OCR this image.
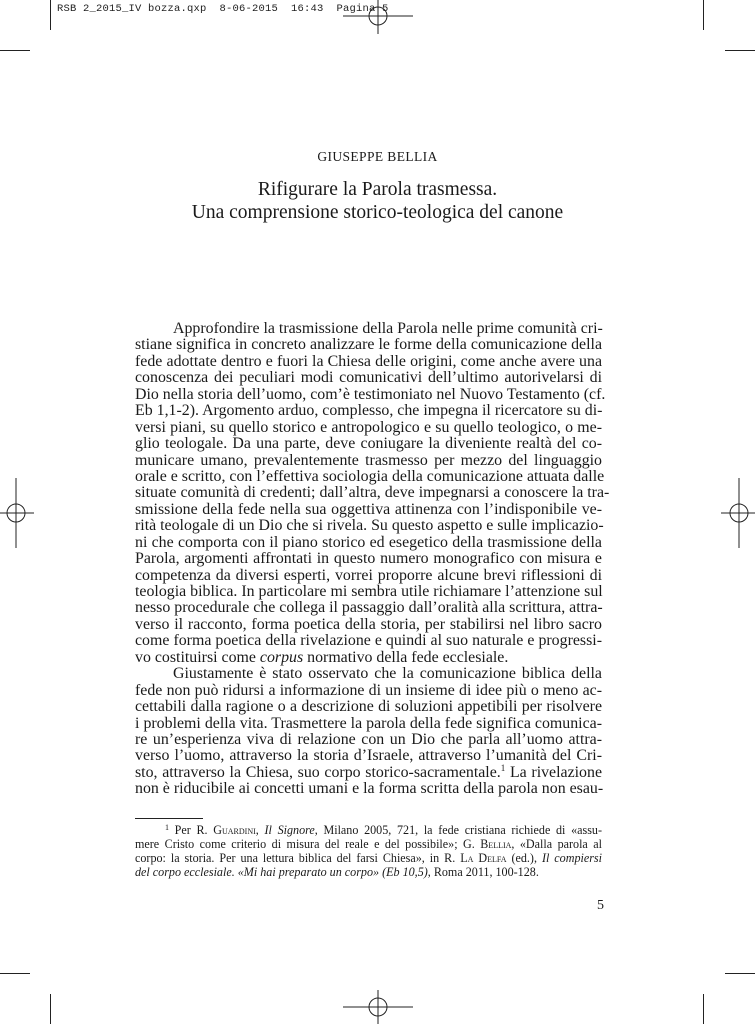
RSB 2_2015_IV bozza.qxp  8-06-2015  16:43  Pagina 5
GIUSEPPE BELLIA
Rifigurare la Parola trasmessa.
Una comprensione storico-teologica del canone
Approfondire la trasmissione della Parola nelle prime comunità cri-
stiane significa in concreto analizzare le forme della comunicazione della
fede adottate dentro e fuori la Chiesa delle origini, come anche avere una
conoscenza dei peculiari modi comunicativi dell’ultimo autorivelarsi di
Dio nella storia dell’uomo, com’è testimoniato nel Nuovo Testamento (cf.
Eb 1,1-2). Argomento arduo, complesso, che impegna il ricercatore su di-
versi piani, su quello storico e antropologico e su quello teologico, o me-
glio teologale. Da una parte, deve coniugare la diveniente realtà del co-
municare umano, prevalentemente trasmesso per mezzo del linguaggio
orale e scritto, con l’effettiva sociologia della comunicazione attuata dalle
situate comunità di credenti; dall’altra, deve impegnarsi a conoscere la tra-
smissione della fede nella sua oggettiva attinenza con l’indisponibile ve-
rità teologale di un Dio che si rivela. Su questo aspetto e sulle implicazio-
ni che comporta con il piano storico ed esegetico della trasmissione della
Parola, argomenti affrontati in questo numero monografico con misura e
competenza da diversi esperti, vorrei proporre alcune brevi riflessioni di
teologia biblica. In particolare mi sembra utile richiamare l’attenzione sul
nesso procedurale che collega il passaggio dall’oralità alla scrittura, attra-
verso il racconto, forma poetica della storia, per stabilirsi nel libro sacro
come forma poetica della rivelazione e quindi al suo naturale e progressi-
vo costituirsi come corpus normativo della fede ecclesiale.
Giustamente è stato osservato che la comunicazione biblica della
fede non può ridursi a informazione di un insieme di idee più o meno ac-
cettabili dalla ragione o a descrizione di soluzioni appetibili per risolvere
i problemi della vita. Trasmettere la parola della fede significa comunica-
re un’esperienza viva di relazione con un Dio che parla all’uomo attra-
verso l’uomo, attraverso la storia d’Israele, attraverso l’umanità del Cri-
sto, attraverso la Chiesa, suo corpo storico-sacramentale.$^1$ La rivelazione
non è riducibile ai concetti umani e la forma scritta della parola non esau-
$^1$ Per R. Guardini, Il Signore, Milano 2005, 721, la fede cristiana richiede di «assu-
mere Cristo come criterio di misura del reale e del possibile»; G. Bellia, «Dalla parola al
corpo: la storia. Per una lettura biblica del farsi Chiesa», in R. La Delfa (ed.), Il compiersi
del corpo ecclesiale. «Mi hai preparato un corpo» (Eb 10,5), Roma 2011, 100-128.
5
